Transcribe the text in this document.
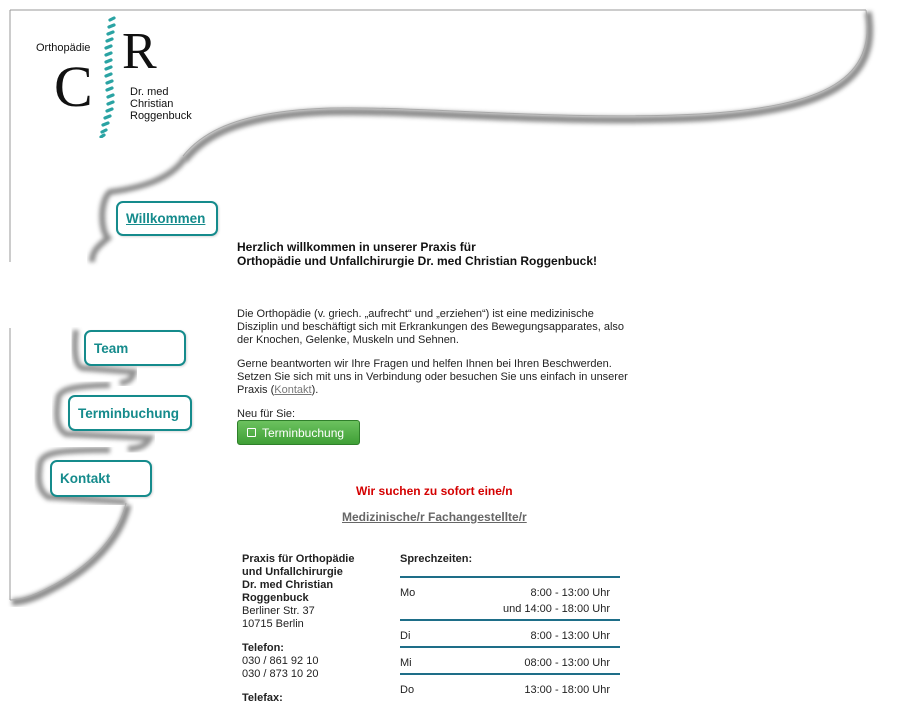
Orthopädie
C
R
Dr. med
Christian
Roggenbuck
Willkommen
Team
Terminbuchung
Kontakt
Herzlich willkommen in unserer Praxis für
Orthopädie und Unfallchirurgie Dr. med Christian Roggenbuck!

Die Orthopädie (v. griech. „aufrecht“ und „erziehen“) ist eine medizinische Disziplin und beschäftigt sich mit Erkrankungen des Bewegungsapparates, also der Knochen, Gelenke, Muskeln und Sehnen.

Gerne beantworten wir Ihre Fragen und helfen Ihnen bei Ihren Beschwerden. Setzen Sie sich mit uns in Verbindung oder besuchen Sie uns einfach in unserer Praxis (Kontakt).

Neu für Sie:

Terminbuchung
Wir suchen zu sofort eine/n
Medizinische/r Fachangestellte/r
Praxis für Orthopädie
und Unfallchirurgie
Dr. med Christian
Roggenbuck
Berliner Str. 37
10715 Berlin
Telefon:
030 / 861 92 10
030 / 873 10 20
Telefax:
Sprechzeiten:
Mo	8:00 - 13:00 Uhr
und 14:00 - 18:00 Uhr
Di	8:00 - 13:00 Uhr
Mi	08:00 - 13:00 Uhr
Do	13:00 - 18:00 Uhr
